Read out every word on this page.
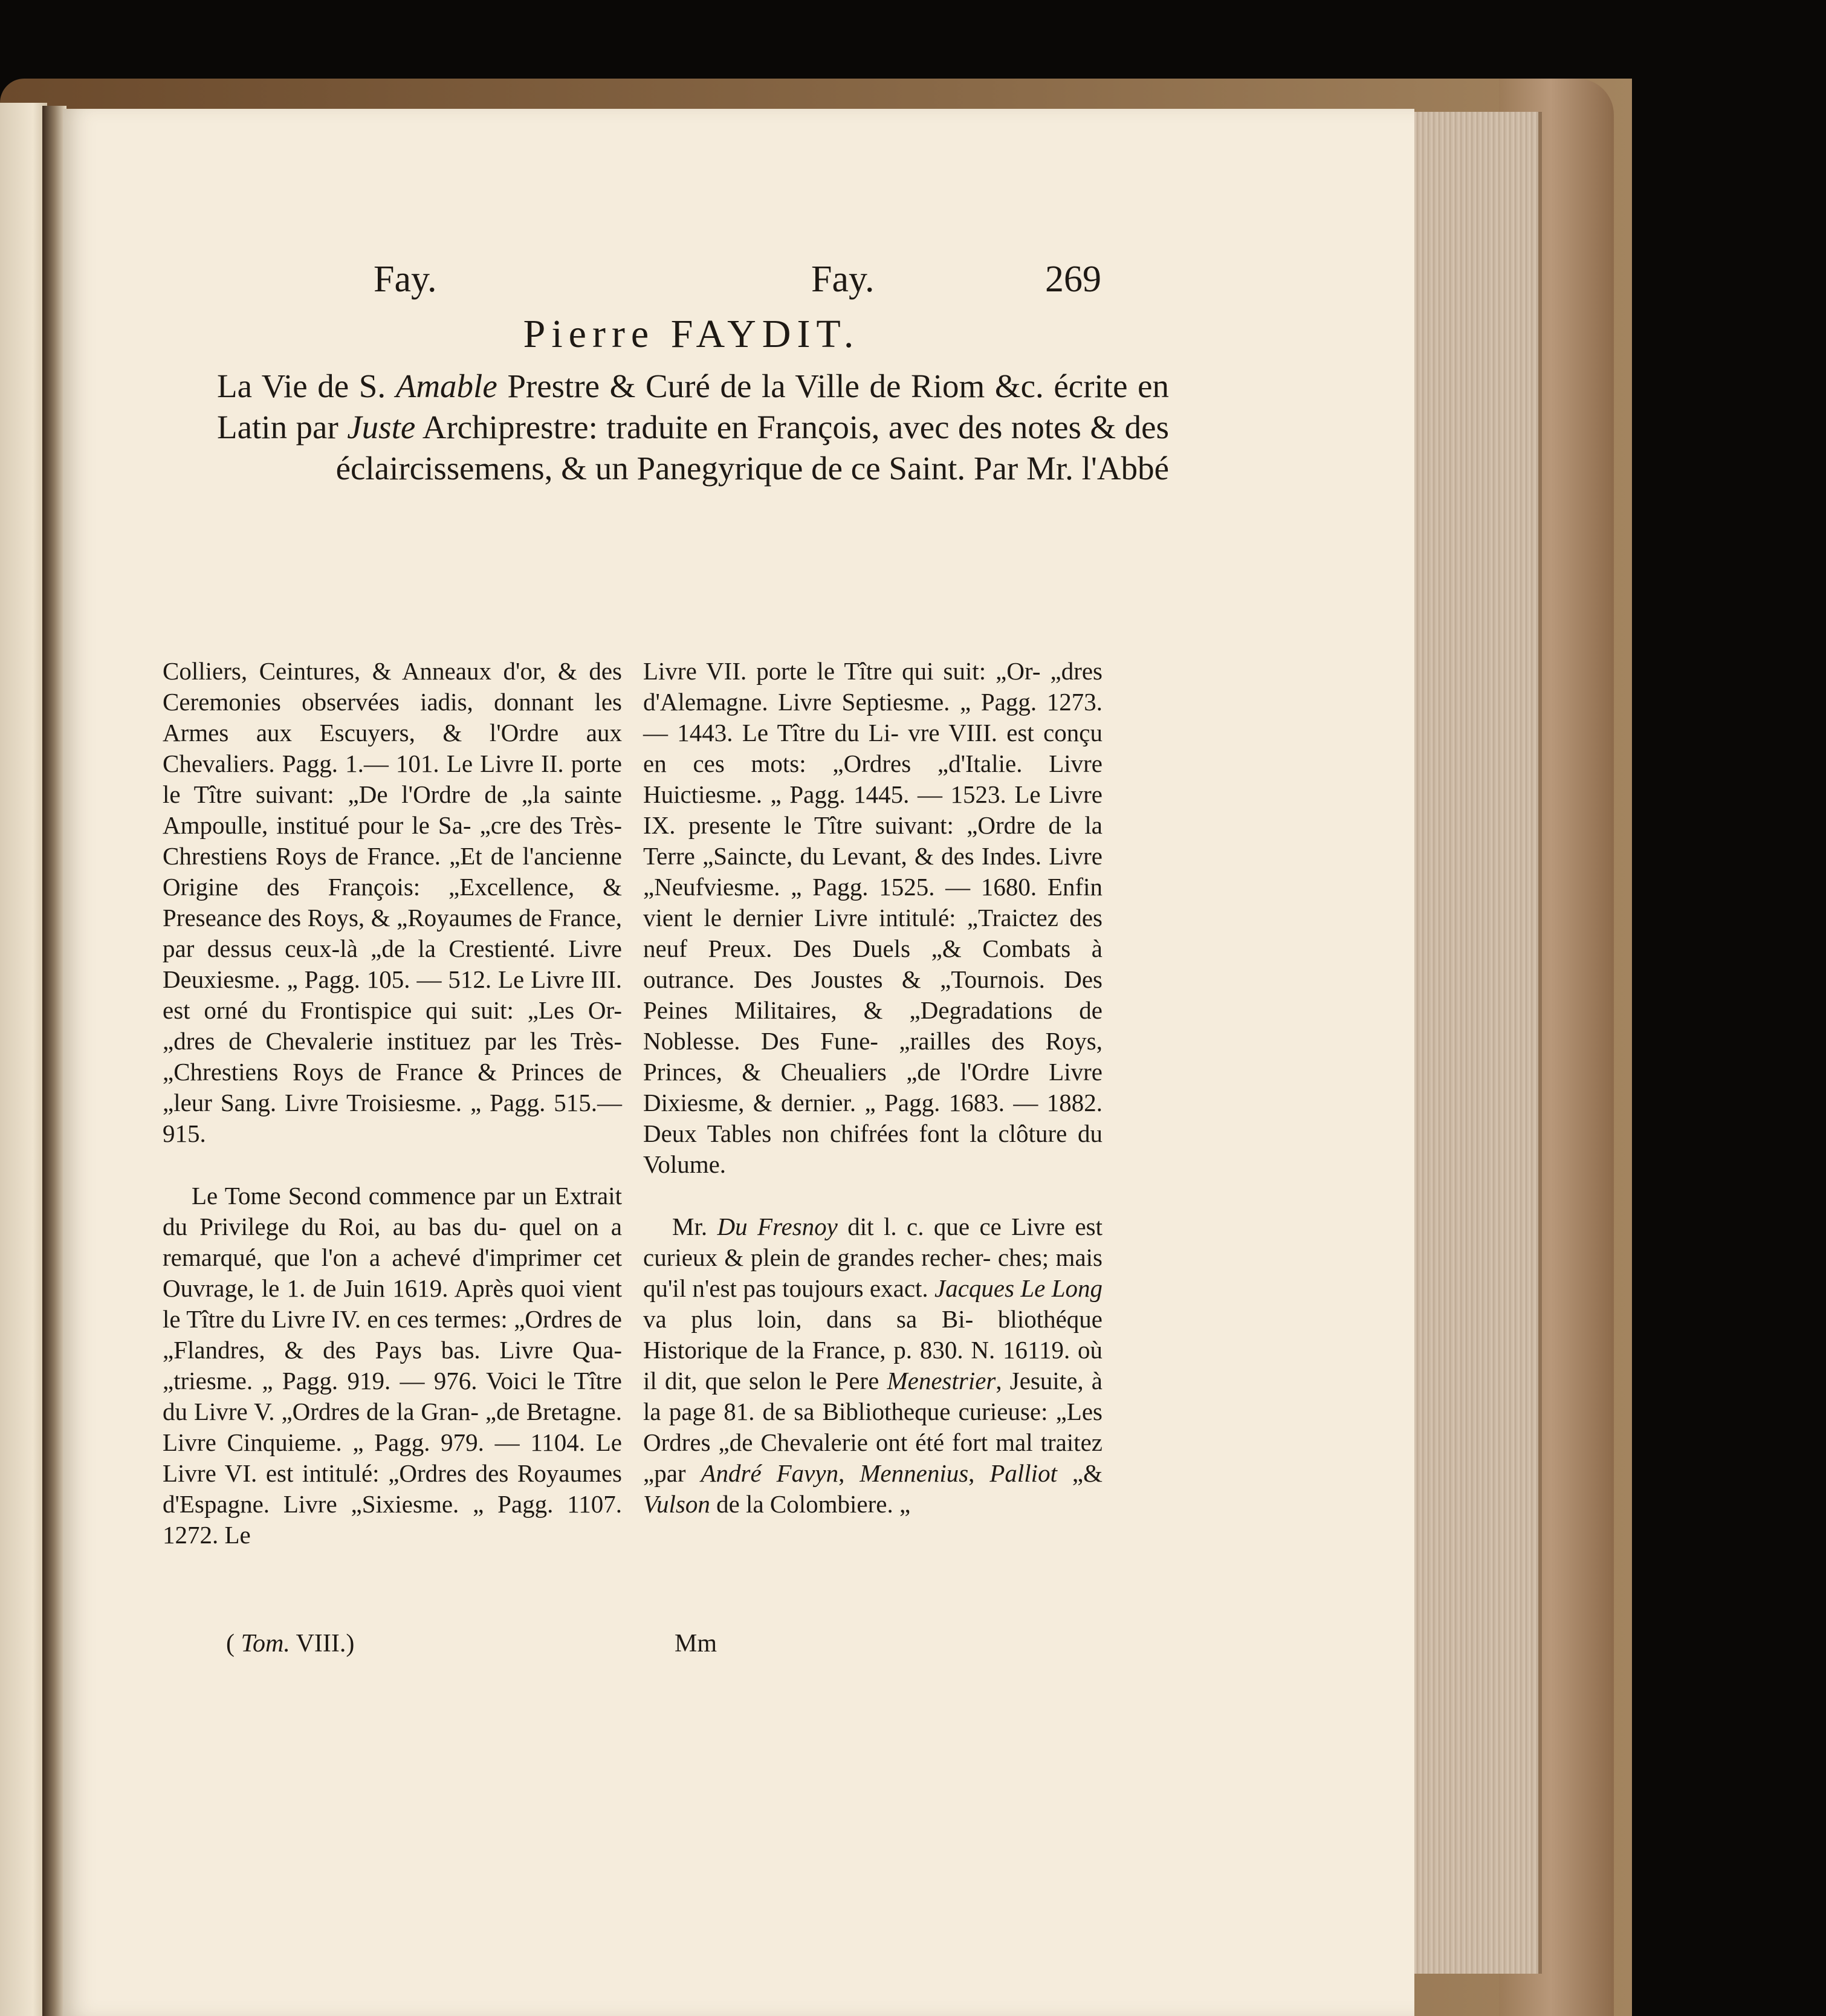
Fay.	Fay.	269
Pierre FAYDIT.
La Vie de S. Amable Prestre & Curé de la Ville de Riom &c. écrite en Latin par Juste Archiprestre: traduite en François, avec des notes & des éclaircissemens, & un Panegyrique de ce Saint. Par Mr. l'Abbé

Colliers, Ceintures, & Anneaux d'or, & des Ceremonies observées iadis, donnant les Armes aux Escuyers, & l'Ordre aux Chevaliers. Pagg. 1.— 101. Le Livre II. porte le Tître suivant: „De l'Ordre de „la sainte Ampoulle, institué pour le Sa- „cre des Très-Chrestiens Roys de France. „Et de l'ancienne Origine des François: „Excellence, & Preseance des Roys, & „Royaumes de France, par dessus ceux-là „de la Crestienté. Livre Deuxiesme. „ Pagg. 105. — 512. Le Livre III. est orné du Frontispice qui suit: „Les Or- „dres de Chevalerie instituez par les Très- „Chrestiens Roys de France & Princes de „leur Sang. Livre Troisiesme. „ Pagg. 515.—915.

Le Tome Second commence par un Extrait du Privilege du Roi, au bas du- quel on a remarqué, que l'on a achevé d'imprimer cet Ouvrage, le 1. de Juin 1619. Après quoi vient le Tître du Livre IV. en ces termes: „Ordres de „Flandres, & des Pays bas. Livre Qua- „triesme. „ Pagg. 919. — 976. Voici le Tître du Livre V. „Ordres de la Gran- „de Bretagne. Livre Cinquieme. „ Pagg. 979. — 1104. Le Livre VI. est intitulé: „Ordres des Royaumes d'Espagne. Livre „Sixiesme. „ Pagg. 1107. 1272. Le

Livre VII. porte le Tître qui suit: „Or- „dres d'Alemagne. Livre Septiesme. „ Pagg. 1273. — 1443. Le Tître du Li- vre VIII. est conçu en ces mots: „Ordres „d'Italie. Livre Huictiesme. „ Pagg. 1445. — 1523. Le Livre IX. presente le Tître suivant: „Ordre de la Terre „Saincte, du Levant, & des Indes. Livre „Neufviesme. „ Pagg. 1525. — 1680. Enfin vient le dernier Livre intitulé: „Traictez des neuf Preux. Des Duels „& Combats à outrance. Des Joustes & „Tournois. Des Peines Militaires, & „Degradations de Noblesse. Des Fune- „railles des Roys, Princes, & Cheualiers „de l'Ordre Livre Dixiesme, & dernier. „ Pagg. 1683. — 1882. Deux Tables non chifrées font la clôture du Volume.

Mr. Du Fresnoy dit l. c. que ce Livre est curieux & plein de grandes recher- ches; mais qu'il n'est pas toujours exact. Jacques Le Long va plus loin, dans sa Bi- bliothéque Historique de la France, p. 830. N. 16119. où il dit, que selon le Pere Menestrier, Jesuite, à la page 81. de sa Bibliotheque curieuse: „Les Ordres „de Chevalerie ont été fort mal traitez „par André Favyn, Mennenius, Palliot „& Vulson de la Colombiere. „

( Tom. VIII.)	Mm
